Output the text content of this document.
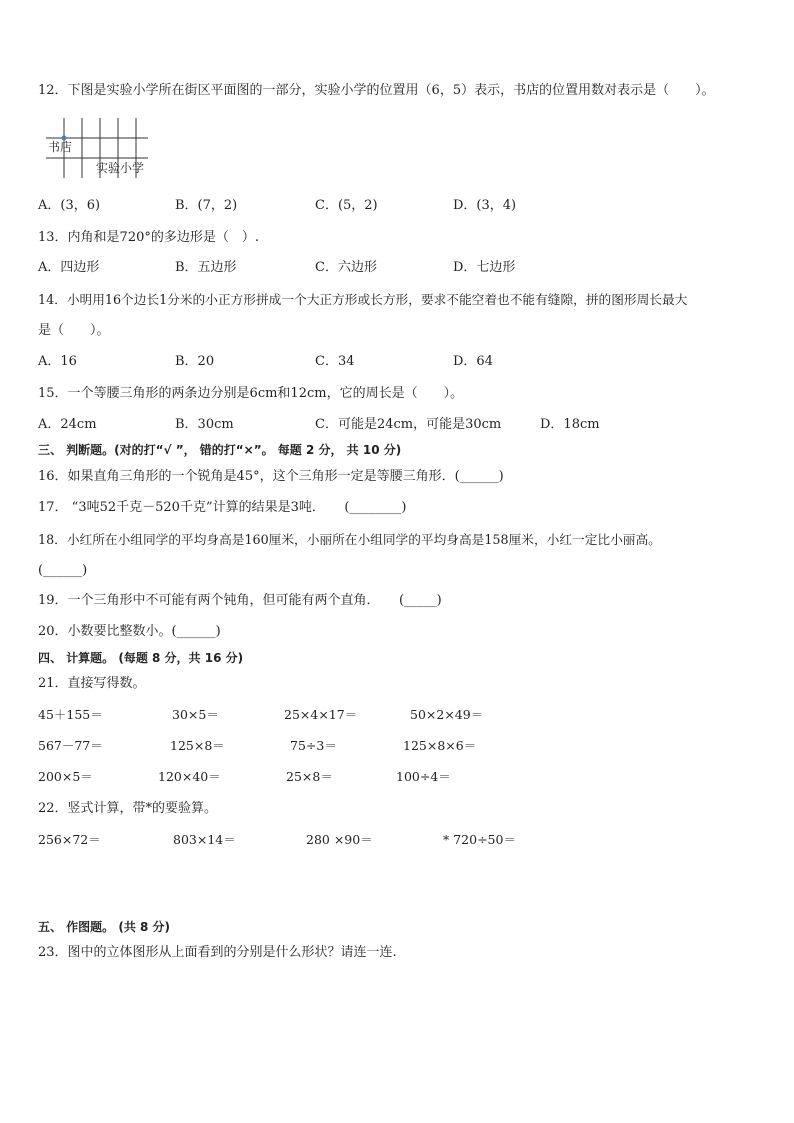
12．下图是实验小学所在街区平面图的一部分，实验小学的位置用（6，5）表示，书店的位置用数对表示是（　　）。
书店
实验小学
A．(3，6)	B．(7，2)	C．(5，2)	D．(3，4)
13．内角和是720°的多边形是（　）.
A．四边形	B．五边形	C．六边形	D．七边形
14．小明用16个边长1分米的小正方形拼成一个大正方形或长方形，要求不能空着也不能有缝隙，拼的图形周长最大
是（　　）。
A．16	B．20	C．34	D．64
15．一个等腰三角形的两条边分别是6cm和12cm，它的周长是（　　）。
A．24cm	B．30cm	C．可能是24cm，可能是30cm	D．18cm
三、 判断题。(对的打“√ ”， 错的打“×”。 每题 2 分， 共 10 分)
16．如果直角三角形的一个锐角是45°，这个三角形一定是等腰三角形．(______)
17． “3吨52千克－520千克”计算的结果是3吨．　　(________)
18．小红所在小组同学的平均身高是160厘米，小丽所在小组同学的平均身高是158厘米，小红一定比小丽高。
(______)
19．一个三角形中不可能有两个钝角，但可能有两个直角．　　(_____)
20．小数要比整数小。(______)
四、 计算题。 (每题 8 分，共 16 分)
21．直接写得数。
45＋155＝	30×5＝	25×4×17＝	50×2×49＝
567－77＝	125×8＝	75÷3＝	125×8×6＝
200×5＝	120×40＝	25×8＝	100÷4＝
22．竖式计算，带*的要验算。
256×72＝	803×14＝	280 ×90＝	* 720÷50＝
五、 作图题。 (共 8 分)
23．图中的立体图形从上面看到的分别是什么形状？请连一连.
